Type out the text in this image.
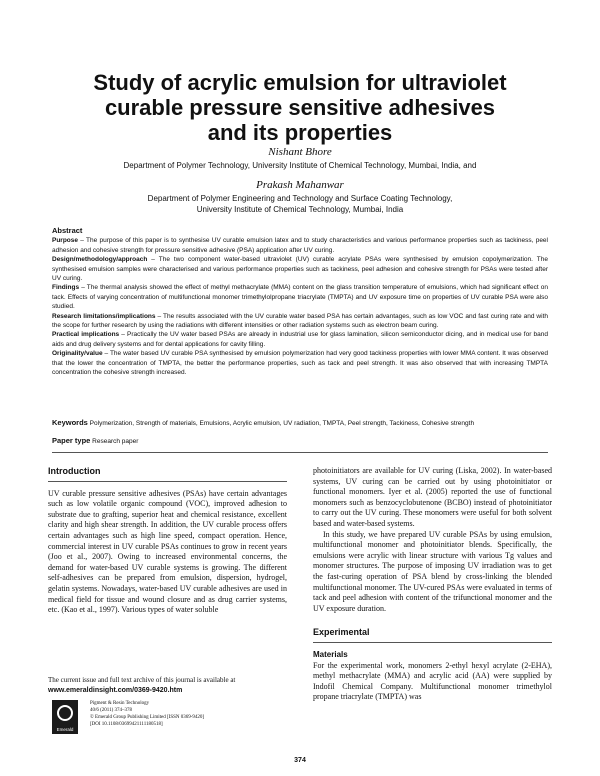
Study of acrylic emulsion for ultraviolet
curable pressure sensitive adhesives
and its properties
Nishant Bhore
Department of Polymer Technology, University Institute of Chemical Technology, Mumbai, India, and
Prakash Mahanwar
Department of Polymer Engineering and Technology and Surface Coating Technology,
University Institute of Chemical Technology, Mumbai, India
Abstract

Purpose – The purpose of this paper is to synthesise UV curable emulsion latex and to study characteristics and various performance properties such as tackiness, peel adhesion and cohesive strength for pressure sensitive adhesive (PSA) application after UV curing.

Design/methodology/approach – The two component water-based ultraviolet (UV) curable acrylate PSAs were synthesised by emulsion copolymerization. The synthesised emulsion samples were characterised and various performance properties such as tackiness, peel adhesion and cohesive strength for PSAs were tested after UV curing.

Findings – The thermal analysis showed the effect of methyl methacrylate (MMA) content on the glass transition temperature of emulsions, which had significant effect on tack. Effects of varying concentration of multifunctional monomer trimethylolpropane triacrylate (TMPTA) and UV exposure time on properties of UV curable PSA were also studied.

Research limitations/implications – The results associated with the UV curable water based PSA has certain advantages, such as low VOC and fast curing rate and with the scope for further research by using the radiations with different intensities or other radiation systems such as electron beam curing.

Practical implications – Practically the UV water based PSAs are already in industrial use for glass lamination, silicon semiconductor dicing, and in medical use for band aids and drug delivery systems and for dental applications for cavity filling.

Originality/value – The water based UV curable PSA synthesised by emulsion polymerization had very good tackiness properties with lower MMA content. It was observed that the lower the concentration of TMPTA, the better the performance properties, such as tack and peel strength. It was also observed that with increasing TMPTA concentration the cohesive strength increased.

Keywords Polymerization, Strength of materials, Emulsions, Acrylic emulsion, UV radiation, TMPTA, Peel strength, Tackiness, Cohesive strength
Paper type Research paper
Introduction

UV curable pressure sensitive adhesives (PSAs) have certain advantages such as low volatile organic compound (VOC), improved adhesion to substrate due to grafting, superior heat and chemical resistance, excellent clarity and high shear strength. In addition, the UV curable process offers certain advantages such as high line speed, compact operation. Hence, commercial interest in UV curable PSAs continues to grow in recent years (Joo et al., 2007). Owing to increased environmental concerns, the demand for water-based UV curable systems is growing. The different self-adhesives can be prepared from emulsion, dispersion, hydrogel, gelatin systems. Nowadays, water-based UV curable adhesives are used in medical field for tissue and wound closure and as drug carrier systems, etc. (Kao et al., 1997). Various types of water soluble

photoinitiators are available for UV curing (Liska, 2002). In water-based systems, UV curing can be carried out by using photoinitiator or functional monomers. Iyer et al. (2005) reported the use of functional monomers such as benzocyclobutenone (BCBO) instead of photoinitiator to carry out the UV curing. These monomers were useful for both solvent based and water-based systems.

In this study, we have prepared UV curable PSAs by using emulsion, multifunctional monomer and photoinitiator blends. Specifically, the emulsions were acrylic with linear structure with various Tg values and monomer structures. The purpose of imposing UV irradiation was to get the fast-curing operation of PSA blend by cross-linking the blended multifunctional monomer. The UV-cured PSAs were evaluated in terms of tack and peel adhesion with content of the trifunctional monomer and the UV exposure duration.

Experimental
Materials

For the experimental work, monomers 2-ethyl hexyl acrylate (2-EHA), methyl methacrylate (MMA) and acrylic acid (AA) were supplied by Indofil Chemical Company. Multifunctional monomer trimethylol propane triacrylate (TMPTA) was

The current issue and full text archive of this journal is available at
www.emeraldinsight.com/0369-9420.htm
Emerald
Pigment & Resin Technology
40/6 (2011) 374–378
© Emerald Group Publishing Limited [ISSN 0369-9420]
[DOI 10.1108/03699421111180518]
374
